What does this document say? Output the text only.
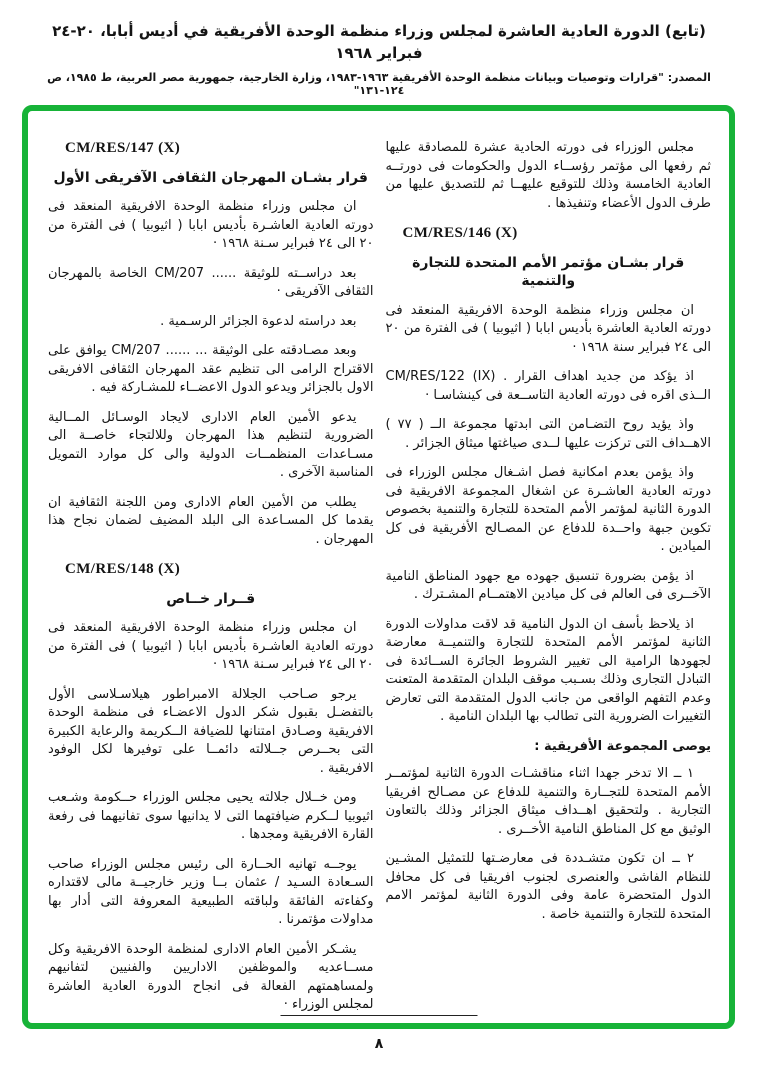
(تابع) الدورة العادية العاشرة لمجلس وزراء منظمة الوحدة الأفريقية في أديس أبابا، ٢٠-٢٤ فبراير ١٩٦٨
المصدر: "قرارات وتوصيات وبيانات منظمة الوحدة الأفريقية ١٩٦٣-١٩٨٣، وزارة الخارجية، جمهورية مصر العربية، ط ١٩٨٥، ص ١٢٤-١٣١"

مجلس الوزراء فى دورته الحادية عشرة للمصادقة عليها ثم رفعها الى مؤتمر رؤســاء الدول والحكومات فى دورتــه العادية الخامسة وذلك للتوقيع عليهــا ثم للتصديق عليها من طرف الدول الأعضاء وتنفيذها .

CM/RES/146 (X)

قرار بشـان مؤتمر الأمم المتحدة للتجارة والتنمية

ان مجلس وزراء منظمة الوحدة الافريقية المنعقد فى دورته العادية العاشرة بأديس ابابا ( اثيوبيا ) فى الفترة من ٢٠ الى ٢٤ فبراير سنة ١٩٦٨ ·

اذ يؤكد من جديد اهداف القرار . CM/RES/122 (IX) الــذى اقره فى دورته العادية التاســعة فى كينشاسـا ·

واذ يؤيد روح التضـامن التى ابدتها مجموعة الــ ( ٧٧ ) الاهــداف التى تركزت عليها لــدى صياغتها ميثاق الجزائر .

واذ يؤمن بعدم امكانية فصل اشـغال مجلس الوزراء فى دورته العادية العاشـرة عن اشغال المجموعة الافريقية فى الدورة الثانية لمؤتمر الأمم المتحدة للتجارة والتنمية بخصوص تكوين جبهة واحــدة للدفاع عن المصـالح الأفريقية فى كل الميادين .

اذ يؤمن بضرورة تنسيق جهوده مع جهود المناطق النامية الآخــرى فى العالم فى كل ميادين الاهتمــام المشـترك .

اذ يلاحظ بأسف ان الدول النامية قد لاقت مداولات الدورة الثانية لمؤتمر الأمم المتحدة للتجارة والتنميــة معارضة لجهودها الرامية الى تغيير الشروط الجائرة الســائدة فى التبادل التجارى وذلك بسـبب موقف البلدان المتقدمة المتعنت وعدم التفهم الواقعى من جانب الدول المتقدمة التى تعارض التغييرات الضرورية التى تطالب بها البلدان النامية .

يوصى المجموعة الأفريقية :

١ ــ الا تدخر جهدا اثناء مناقشـات الدورة الثانية لمؤتمــر الأمم المتحدة للتجــارة والتنمية للدفاع عن مصـالح افريقيا التجارية . ولتحقيق اهــداف ميثاق الجزائر وذلك بالتعاون الوثيق مع كل المناطق النامية الأخــرى .

٢ ــ ان تكون متشـددة فى معارضـتها للتمثيل المشـين للنظام الفاشى والعنصرى لجنوب افريقيا فى كل محافل الدول المتحضرة عامة وفى الدورة الثانية لمؤتمر الامم المتحدة للتجارة والتنمية خاصة .

CM/RES/147 (X)

قرار بشـان المهرجان الثقافى الآفريقى الأول

ان مجلس وزراء منظمة الوحدة الافريقية المنعقد فى دورته العادية العاشـرة بأديس ابابا ( اثيوبيا ) فى الفترة من ٢٠ الى ٢٤ فبراير سـنة ١٩٦٨ ·

بعد دراســته للوثيقة ...... CM/207 الخاصة بالمهرجان الثقافى الآفريقى ·

بعد دراسته لدعوة الجزائر الرسـمية .

وبعد مصـادقته على الوثيقة ... ...... CM/207 يوافق على الاقتراح الرامى الى تنظيم عقد المهرجان الثقافى الافريقى الاول بالجزائر ويدعو الدول الاعضــاء للمشـاركة فيه .

يدعو الأمين العام الادارى لايجاد الوسـائل المــالية الضرورية لتنظيم هذا المهرجان وللالتجاء خاصــة الى مسـاعدات المنظمــات الدولية والى كل موارد التمويل المناسبة الآخرى .

يطلب من الأمين العام الادارى ومن اللجنة الثقافية ان يقدما كل المسـاعدة الى البلد المضيف لضمان نجاح هذا المهرجان .

CM/RES/148 (X)

قــرار خــاص

ان مجلس وزراء منظمة الوحدة الافريقية المنعقد فى دورته العادية العاشـرة بأديس ابابا ( اثيوبيا ) فى الفترة من ٢٠ الى ٢٤ فبراير سـنة ١٩٦٨ ·

يرجو صـاحب الجلالة الامبراطور هيلاسـلاسى الأول بالتفضـل بقبول شكر الدول الاعضـاء فى منظمة الوحدة الافريقية وصـادق امتنانها للضيافة الــكريمة والرعاية الكبيرة التى بحــرص جــلالته دائمــا على توفيرها لكل الوفود الافريقية .

ومن خــلال جلالته يحيى مجلس الوزراء حــكومة وشـعب اثيوبيا لــكرم ضيافتهما التى لا يدانيها سوى تفانيهما فى رفعة القارة الافريقية ومجدها .

يوجــه تهانيه الحــارة الى رئيس مجلس الوزراء صاحب السـعادة السـيد / عثمان بــا وزير خارجيــة مالى لاقتداره وكفاءته الفائقة ولباقته الطبيعية المعروفة التى أدار بها مداولات مؤتمرنا .

يشـكر الأمين العام الادارى لمنظمة الوحدة الافريقية وكل مســاعديه والموظفين الاداريين والفنيين لتفانيهم ولمساهمتهم الفعالة فى انجاح الدورة العادية العاشرة لمجلس الوزراء ·

٨
